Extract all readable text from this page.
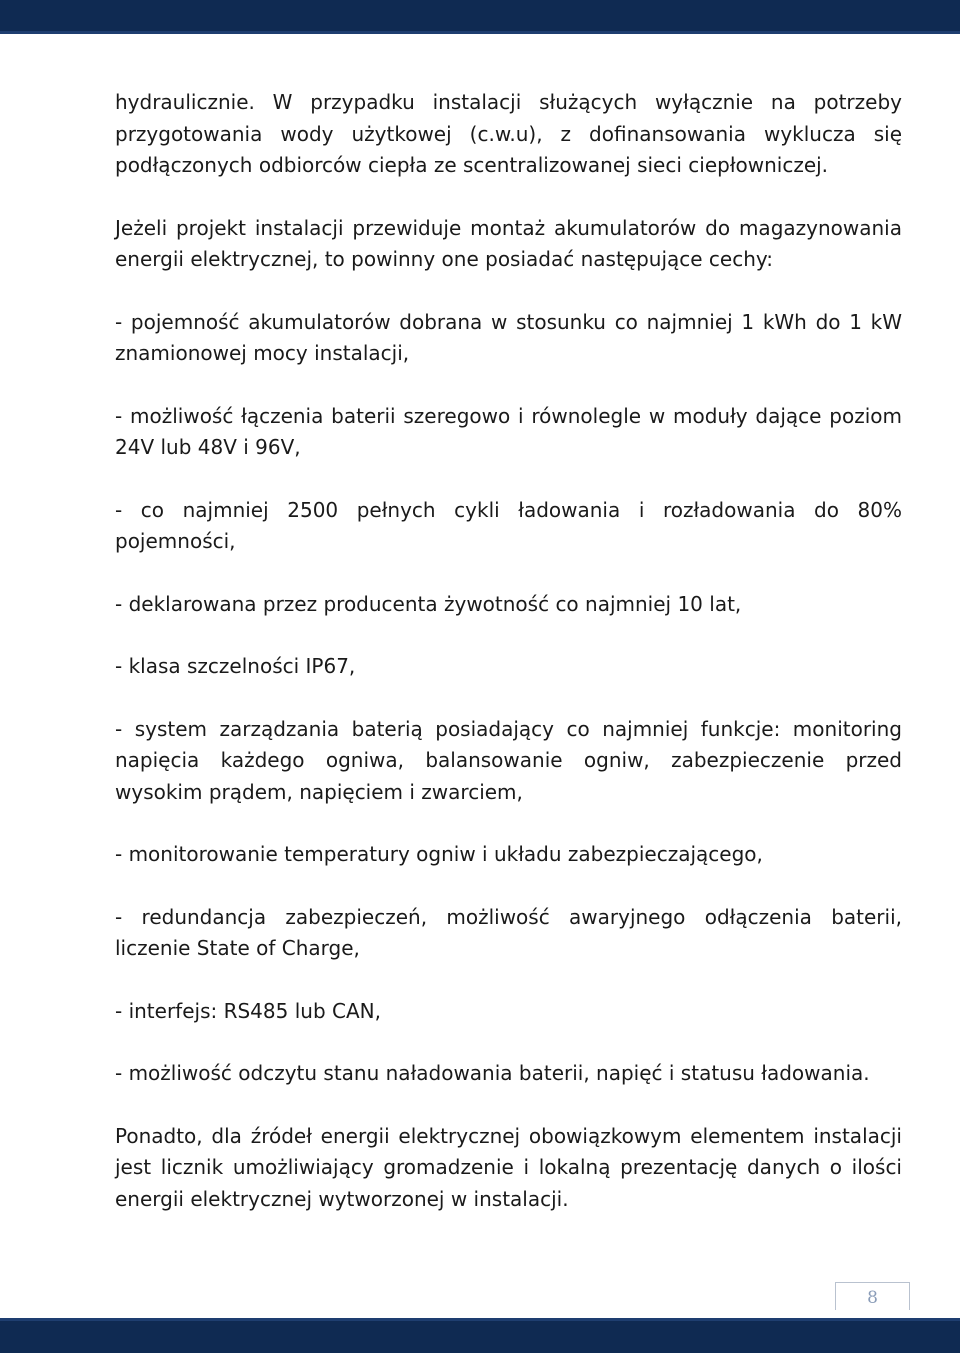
hydraulicznie. W przypadku instalacji służących wyłącznie na potrzeby przygotowania wody użytkowej (c.w.u), z dofinansowania wyklucza się podłączonych odbiorców ciepła ze scentralizowanej sieci ciepłowniczej.

Jeżeli projekt instalacji przewiduje montaż akumulatorów do magazynowania energii elektrycznej, to powinny one posiadać następujące cechy:

- pojemność akumulatorów dobrana w stosunku co najmniej 1 kWh do 1 kW znamionowej mocy instalacji,

- możliwość łączenia baterii szeregowo i równolegle w moduły dające poziom 24V lub 48V i 96V,

- co najmniej 2500 pełnych cykli ładowania i rozładowania do 80% pojemności,

- deklarowana przez producenta żywotność co najmniej 10 lat,

- klasa szczelności IP67,

- system zarządzania baterią posiadający co najmniej funkcje: monitoring napięcia każdego ogniwa, balansowanie ogniw, zabezpieczenie przed wysokim prądem, napięciem i zwarciem,

- monitorowanie temperatury ogniw i układu zabezpieczającego,

- redundancja zabezpieczeń, możliwość awaryjnego odłączenia baterii, liczenie State of Charge,

- interfejs: RS485 lub CAN,

- możliwość odczytu stanu naładowania baterii, napięć i statusu ładowania.

Ponadto, dla źródeł energii elektrycznej obowiązkowym elementem instalacji jest licznik umożliwiający gromadzenie i lokalną prezentację danych o ilości energii elektrycznej wytworzonej w instalacji.

8
